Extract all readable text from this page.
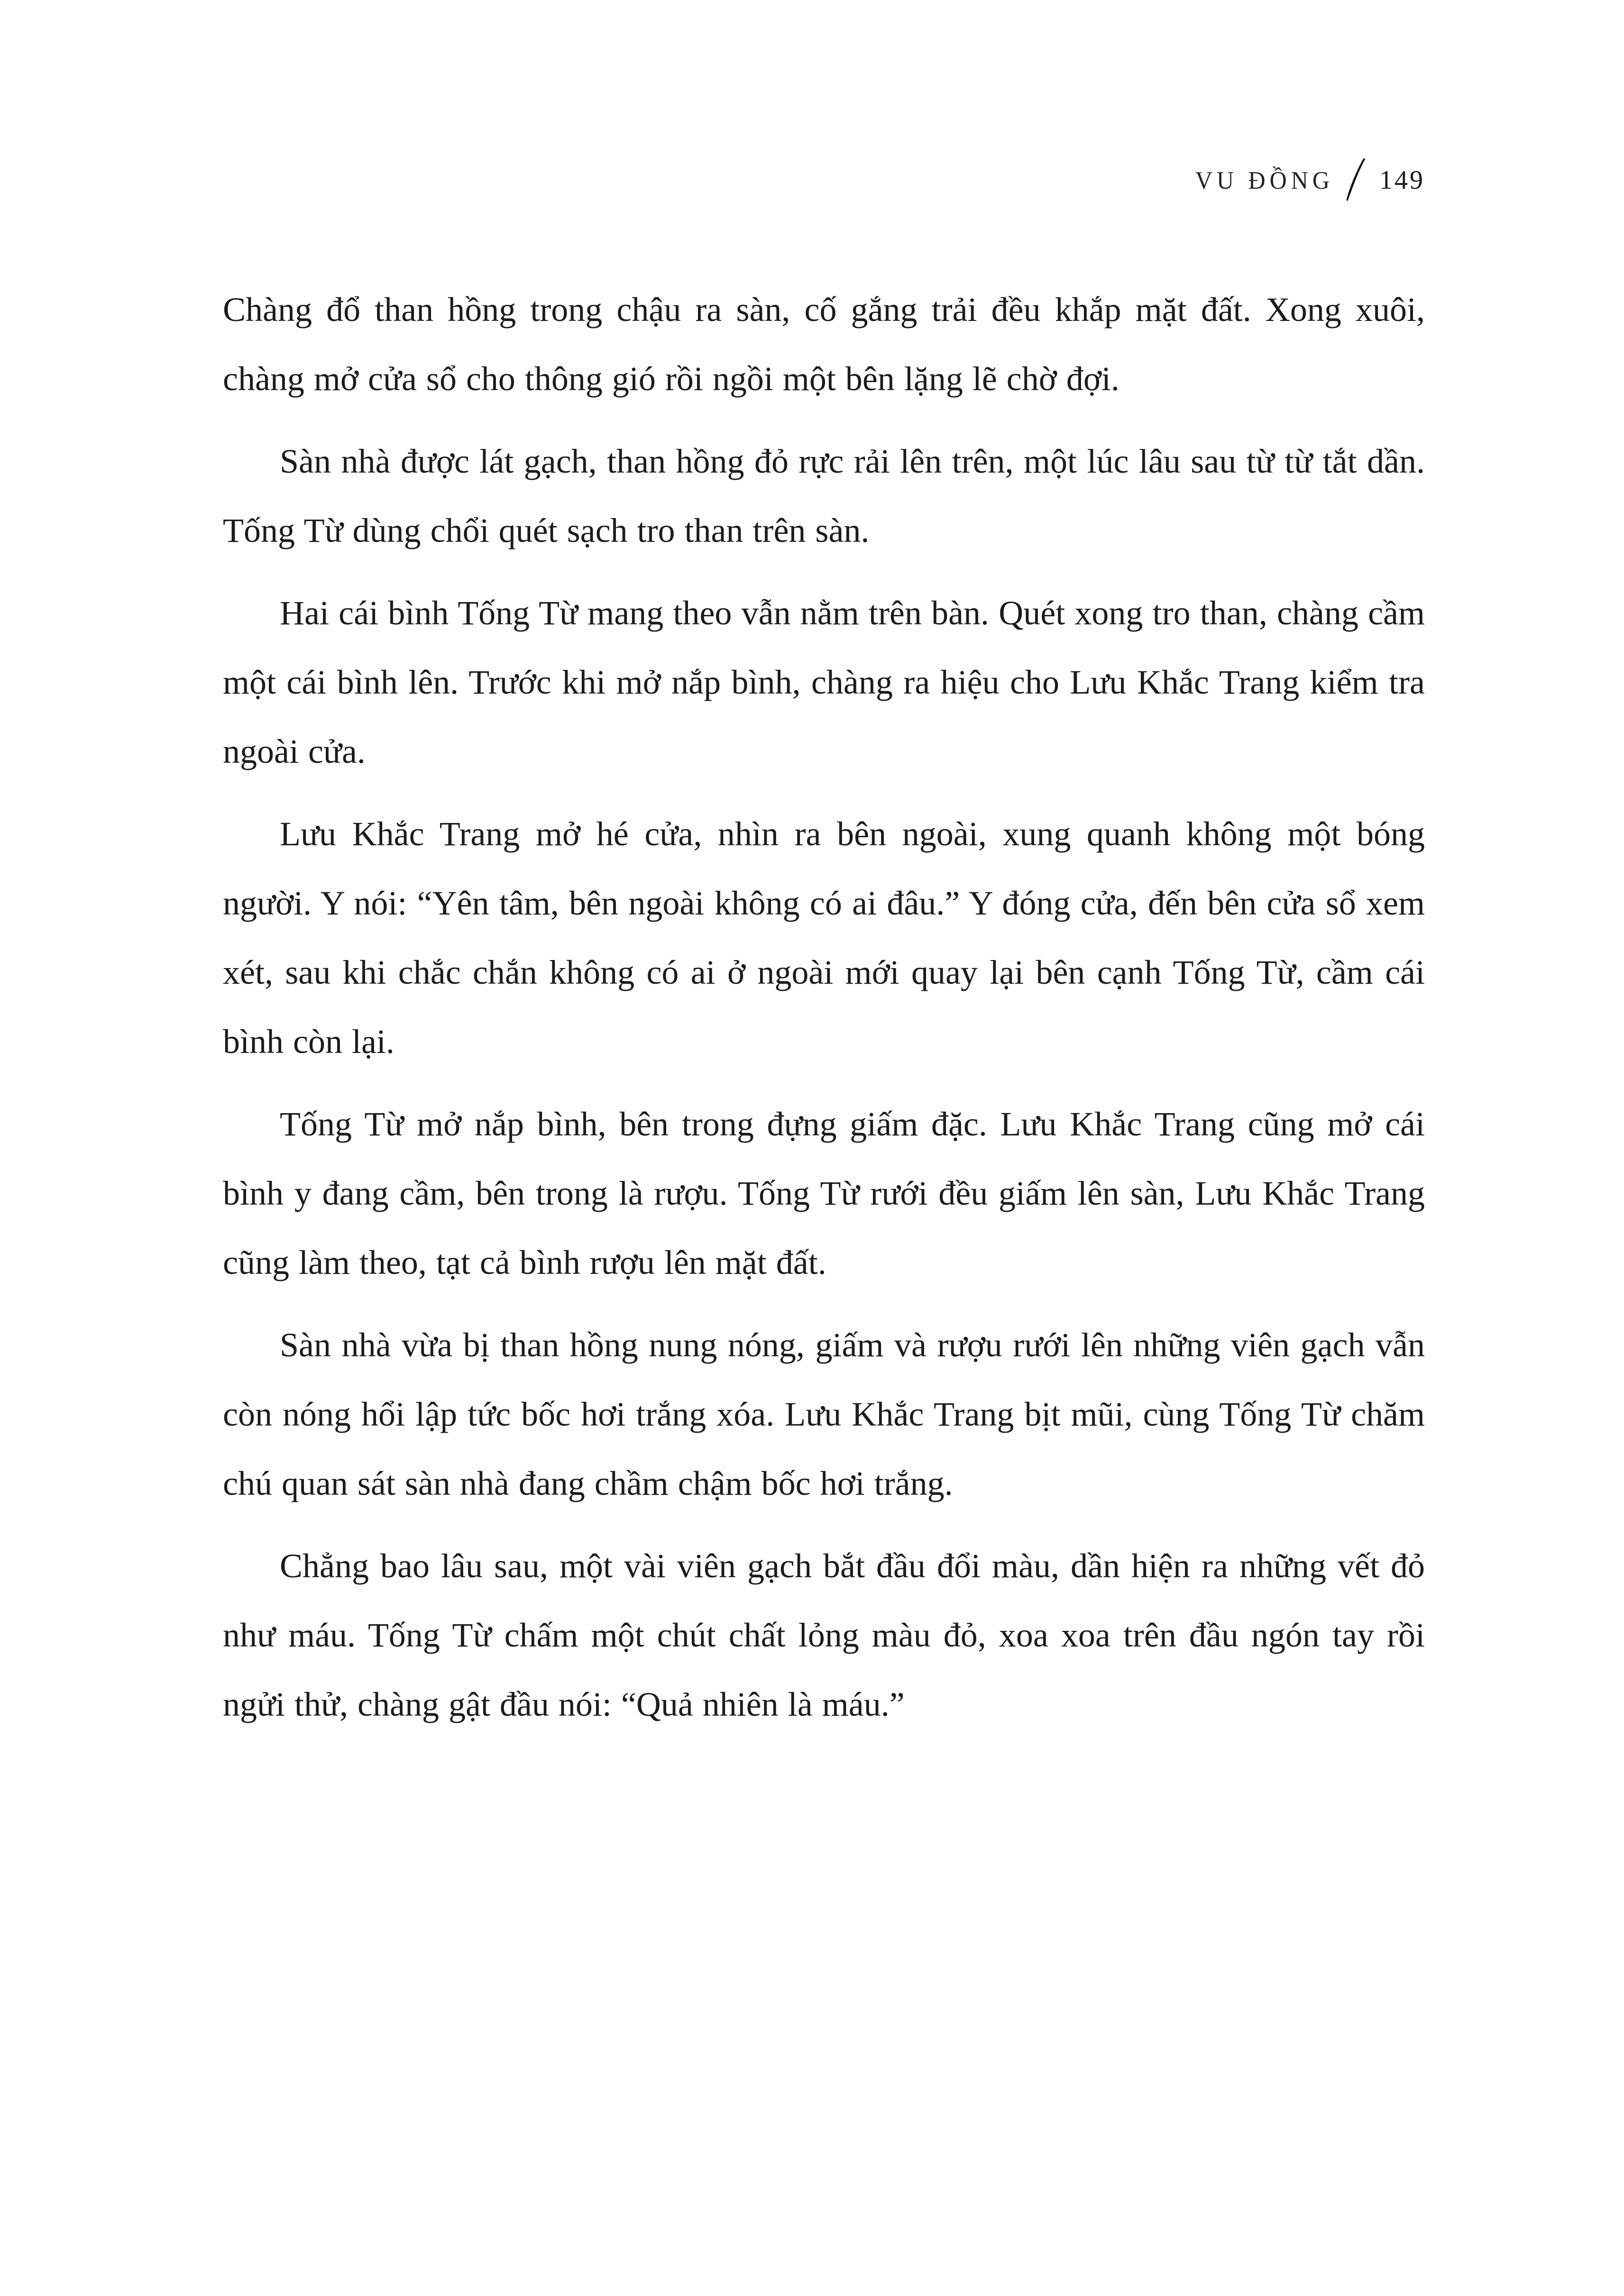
VU ĐỒNG 149

Chàng đổ than hồng trong chậu ra sàn, cố gắng trải đều khắp mặt đất. Xong xuôi, chàng mở cửa sổ cho thông gió rồi ngồi một bên lặng lẽ chờ đợi.

Sàn nhà được lát gạch, than hồng đỏ rực rải lên trên, một lúc lâu sau từ từ tắt dần. Tống Từ dùng chổi quét sạch tro than trên sàn.

Hai cái bình Tống Từ mang theo vẫn nằm trên bàn. Quét xong tro than, chàng cầm một cái bình lên. Trước khi mở nắp bình, chàng ra hiệu cho Lưu Khắc Trang kiểm tra ngoài cửa.

Lưu Khắc Trang mở hé cửa, nhìn ra bên ngoài, xung quanh không một bóng người. Y nói: “Yên tâm, bên ngoài không có ai đâu.” Y đóng cửa, đến bên cửa sổ xem xét, sau khi chắc chắn không có ai ở ngoài mới quay lại bên cạnh Tống Từ, cầm cái bình còn lại.

Tống Từ mở nắp bình, bên trong đựng giấm đặc. Lưu Khắc Trang cũng mở cái bình y đang cầm, bên trong là rượu. Tống Từ rưới đều giấm lên sàn, Lưu Khắc Trang cũng làm theo, tạt cả bình rượu lên mặt đất.

Sàn nhà vừa bị than hồng nung nóng, giấm và rượu rưới lên những viên gạch vẫn còn nóng hổi lập tức bốc hơi trắng xóa. Lưu Khắc Trang bịt mũi, cùng Tống Từ chăm chú quan sát sàn nhà đang chầm chậm bốc hơi trắng.

Chẳng bao lâu sau, một vài viên gạch bắt đầu đổi màu, dần hiện ra những vết đỏ như máu. Tống Từ chấm một chút chất lỏng màu đỏ, xoa xoa trên đầu ngón tay rồi ngửi thử, chàng gật đầu nói: “Quả nhiên là máu.”
